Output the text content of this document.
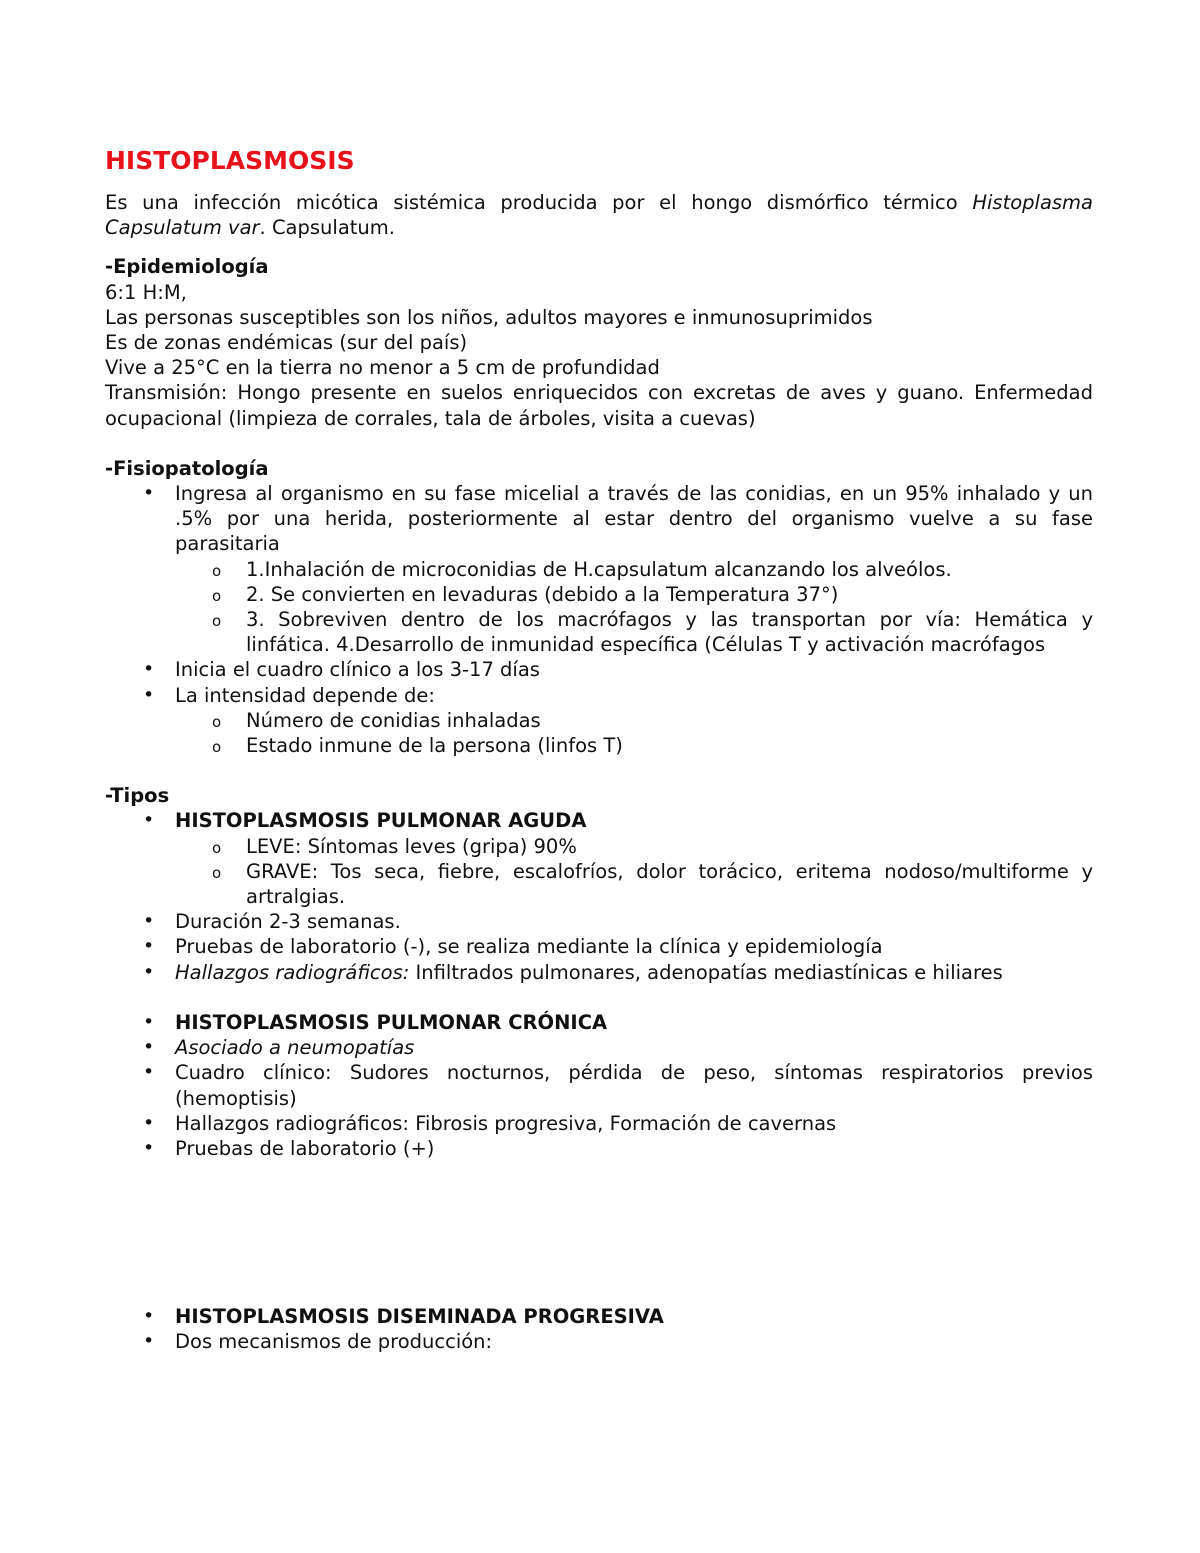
HISTOPLASMOSIS

Es una infección micótica sistémica producida por el hongo dismórfico térmico Histoplasma Capsulatum var. Capsulatum.

-Epidemiología

6:1 H:M,

Las personas susceptibles son los niños, adultos mayores e inmunosuprimidos

Es de zonas endémicas (sur del país)

Vive a 25°C en la tierra no menor a 5 cm de profundidad

Transmisión: Hongo presente en suelos enriquecidos con excretas de aves y guano. Enfermedad ocupacional (limpieza de corrales, tala de árboles, visita a cuevas)

-Fisiopatología
• Ingresa al organismo en su fase micelial a través de las conidias, en un 95% inhalado y un .5% por una herida, posteriormente al estar dentro del organismo vuelve a su fase parasitaria
o 1.Inhalación de microconidias de H.capsulatum alcanzando los alveólos.
o 2. Se convierten en levaduras (debido a la Temperatura 37°)
o 3. Sobreviven dentro de los macrófagos y las transportan por vía: Hemática y linfática. 4.Desarrollo de inmunidad específica (Células T y activación macrófagos
• Inicia el cuadro clínico a los 3-17 días
• La intensidad depende de:
o Número de conidias inhaladas
o Estado inmune de la persona (linfos T)
-Tipos
• HISTOPLASMOSIS PULMONAR AGUDA
o LEVE: Síntomas leves (gripa) 90%
o GRAVE: Tos seca, fiebre, escalofríos, dolor torácico, eritema nodoso/multiforme y artralgias.
• Duración 2-3 semanas.
• Pruebas de laboratorio (-), se realiza mediante la clínica y epidemiología
• Hallazgos radiográficos: Infiltrados pulmonares, adenopatías mediastínicas e hiliares
• HISTOPLASMOSIS PULMONAR CRÓNICA
• Asociado a neumopatías
• Cuadro clínico: Sudores nocturnos, pérdida de peso, síntomas respiratorios previos (hemoptisis)
• Hallazgos radiográficos: Fibrosis progresiva, Formación de cavernas
• Pruebas de laboratorio (+)
• HISTOPLASMOSIS DISEMINADA PROGRESIVA
• Dos mecanismos de producción:
